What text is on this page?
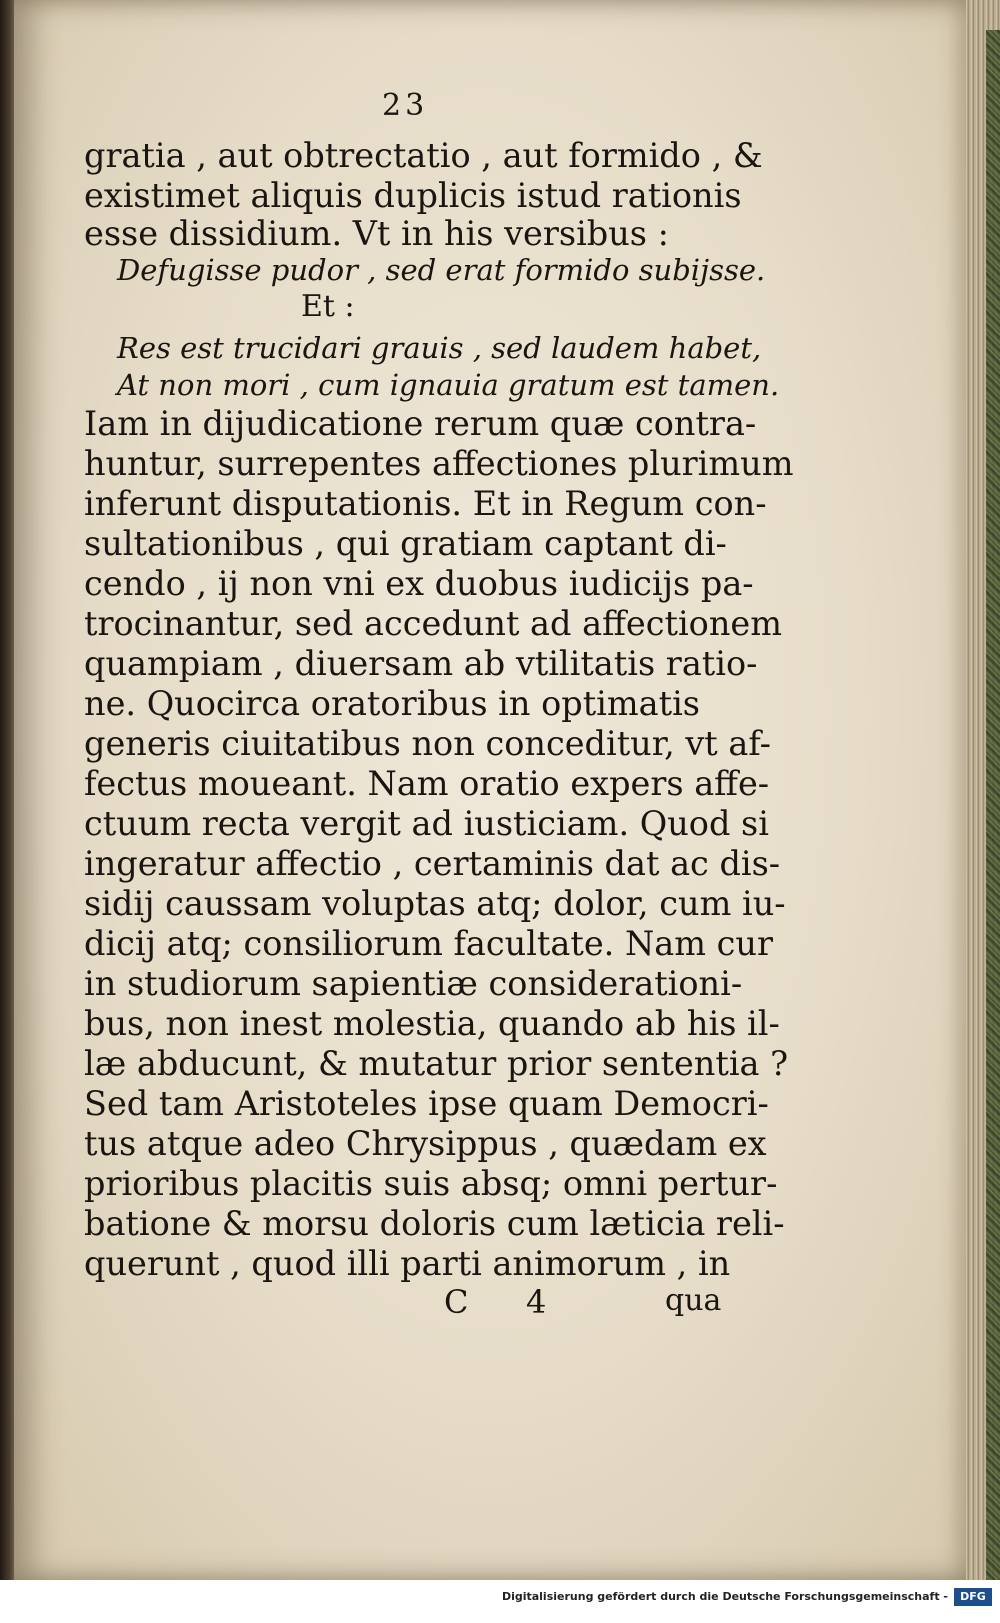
23
gratia , aut obtrectatio , aut formido , &
existimet aliquis duplicis istud rationis
esse dissidium. Vt in his versibus :
Defugisse pudor , sed erat formido subijsse.
Et :
Res est trucidari grauis , sed laudem habet,
At non mori , cum ignauia gratum est tamen.
Iam in dijudicatione rerum quæ contra-
huntur, surrepentes affectiones plurimum
inferunt disputationis. Et in Regum con-
sultationibus , qui gratiam captant di-
cendo , ij non vni ex duobus iudicijs pa-
trocinantur, sed accedunt ad affectionem
quampiam , diuersam ab vtilitatis ratio-
ne. Quocirca oratoribus in optimatis
generis ciuitatibus non conceditur, vt af-
fectus moueant. Nam oratio expers affe-
ctuum recta vergit ad iusticiam. Quod si
ingeratur affectio , certaminis dat ac dis-
sidij caussam voluptas atq; dolor, cum iu-
dicij atq; consiliorum facultate. Nam cur
in studiorum sapientiæ considerationi-
bus, non inest molestia, quando ab his il-
læ abducunt, & mutatur prior sententia ?
Sed tam Aristoteles ipse quam Democri-
tus atque adeo Chrysippus , quædam ex
prioribus placitis suis absq; omni pertur-
batione & morsu doloris cum læticia reli-
querunt , quod illi parti animorum , in
C 4	qua
Digitalisierung gefördert durch die Deutsche Forschungsgemeinschaft -	DFG
